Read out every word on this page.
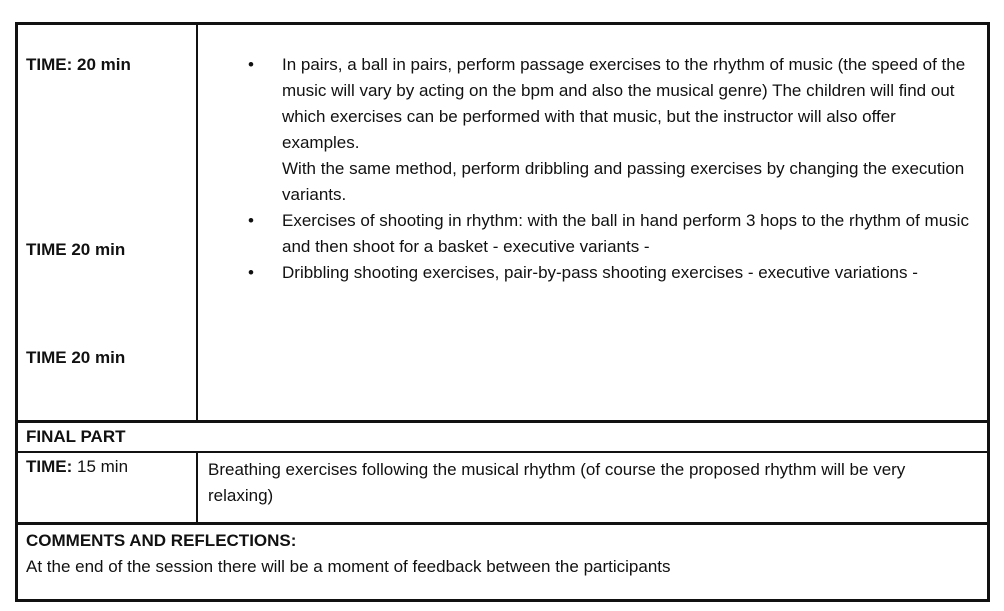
TIME: 20 min
TIME 20 min
TIME 20 min
• In pairs, a ball in pairs, perform passage exercises to the rhythm of music (the speed of the music will vary by acting on the bpm and also the musical genre) The children will find out which exercises can be performed with that music, but the instructor will also offer examples.
With the same method, perform dribbling and passing exercises by changing the execution variants.
• Exercises of shooting in rhythm: with the ball in hand perform 3 hops to the rhythm of music and then shoot for a basket - executive variants -
• Dribbling shooting exercises, pair-by-pass shooting exercises - executive variations -
FINAL PART
TIME: 15 min	Breathing exercises following the musical rhythm (of course the proposed rhythm will be very relaxing)
COMMENTS AND REFLECTIONS:
At the end of the session there will be a moment of feedback between the participants
